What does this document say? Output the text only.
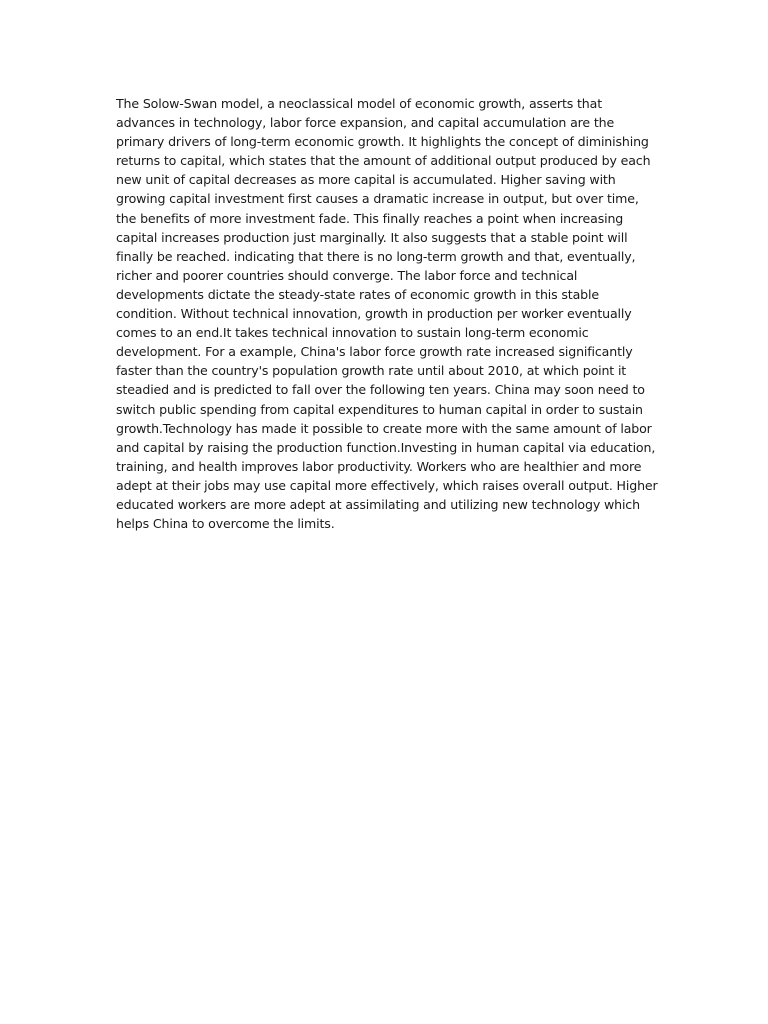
The Solow-Swan model, a neoclassical model of economic growth, asserts that advances in technology, labor force expansion, and capital accumulation are the primary drivers of long-term economic growth. It highlights the concept of diminishing returns to capital, which states that the amount of additional output produced by each new unit of capital decreases as more capital is accumulated. Higher saving with growing capital investment first causes a dramatic increase in output, but over time, the benefits of more investment fade. This finally reaches a point when increasing capital increases production just marginally. It also suggests that a stable point will finally be reached. indicating that there is no long-term growth and that, eventually, richer and poorer countries should converge. The labor force and technical developments dictate the steady-state rates of economic growth in this stable condition. Without technical innovation, growth in production per worker eventually comes to an end.It takes technical innovation to sustain long-term economic development. For a example, China's labor force growth rate increased significantly faster than the country's population growth rate until about 2010, at which point it steadied and is predicted to fall over the following ten years. China may soon need to switch public spending from capital expenditures to human capital in order to sustain growth.Technology has made it possible to create more with the same amount of labor and capital by raising the production function.Investing in human capital via education, training, and health improves labor productivity. Workers who are healthier and more adept at their jobs may use capital more effectively, which raises overall output. Higher educated workers are more adept at assimilating and utilizing new technology which helps China to overcome the limits.
